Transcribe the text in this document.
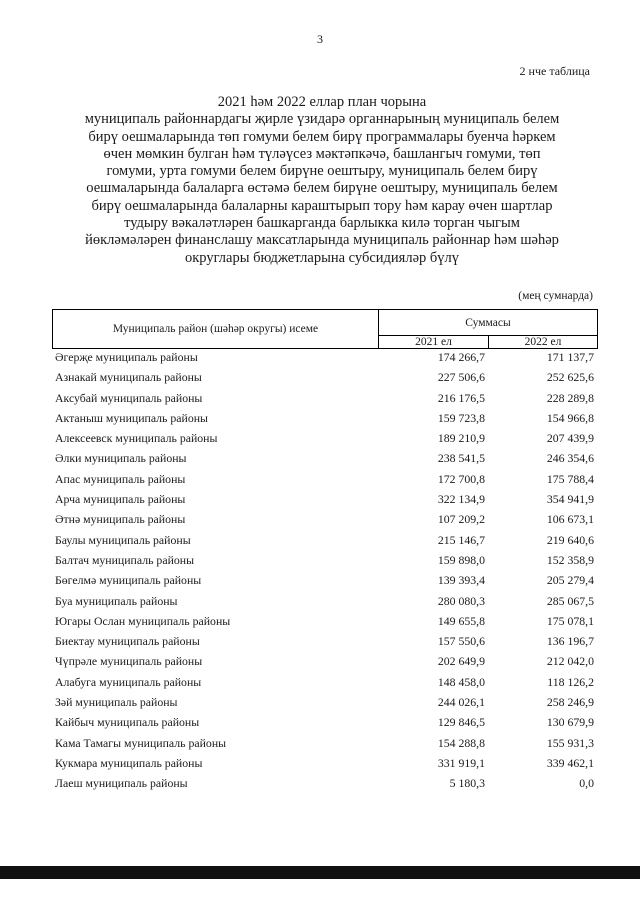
3
2 нче таблица
2021 һәм 2022 еллар план чорына
муниципаль районнардагы җирле үзидарә органнарының муниципаль белем
бирү оешмаларында төп гомуми белем бирү программалары буенча һәркем
өчен мөмкин булган һәм түләүсез мәктәпкәчә, башлангыч гомуми, төп
гомуми, урта гомуми белем бирүне оештыру, муниципаль белем бирү
оешмаларында балаларга өстәмә белем бирүне оештыру, муниципаль белем
бирү оешмаларында балаларны караштырып тору һәм карау өчен шартлар
тудыру вәкаләтләрен башкарганда барлыкка килә торган чыгым
йөкләмәләрен финанслашу максатларында муниципаль районнар һәм шәһәр
округлары бюджетларына субсидияләр бүлү
(мең сумнарда)
Муниципаль район (шәһәр округы) исеме
Суммасы
2021 ел	2022 ел
Әгерҗе муниципаль районы	174 266,7	171 137,7
Азнакай муниципаль районы	227 506,6	252 625,6
Аксубай муниципаль районы	216 176,5	228 289,8
Актаныш муниципаль районы	159 723,8	154 966,8
Алексеевск муниципаль районы	189 210,9	207 439,9
Әлки муниципаль районы	238 541,5	246 354,6
Апас муниципаль районы	172 700,8	175 788,4
Арча муниципаль районы	322 134,9	354 941,9
Әтнә муниципаль районы	107 209,2	106 673,1
Баулы муниципаль районы	215 146,7	219 640,6
Балтач муниципаль районы	159 898,0	152 358,9
Бөгелмә муниципаль районы	139 393,4	205 279,4
Буа муниципаль районы	280 080,3	285 067,5
Югары Ослан муниципаль районы	149 655,8	175 078,1
Биектау муниципаль районы	157 550,6	136 196,7
Чүпрәле муниципаль районы	202 649,9	212 042,0
Алабуга муниципаль районы	148 458,0	118 126,2
Зәй муниципаль районы	244 026,1	258 246,9
Кайбыч муниципаль районы	129 846,5	130 679,9
Кама Тамагы муниципаль районы	154 288,8	155 931,3
Кукмара муниципаль районы	331 919,1	339 462,1
Лаеш муниципаль районы	5 180,3	0,0
